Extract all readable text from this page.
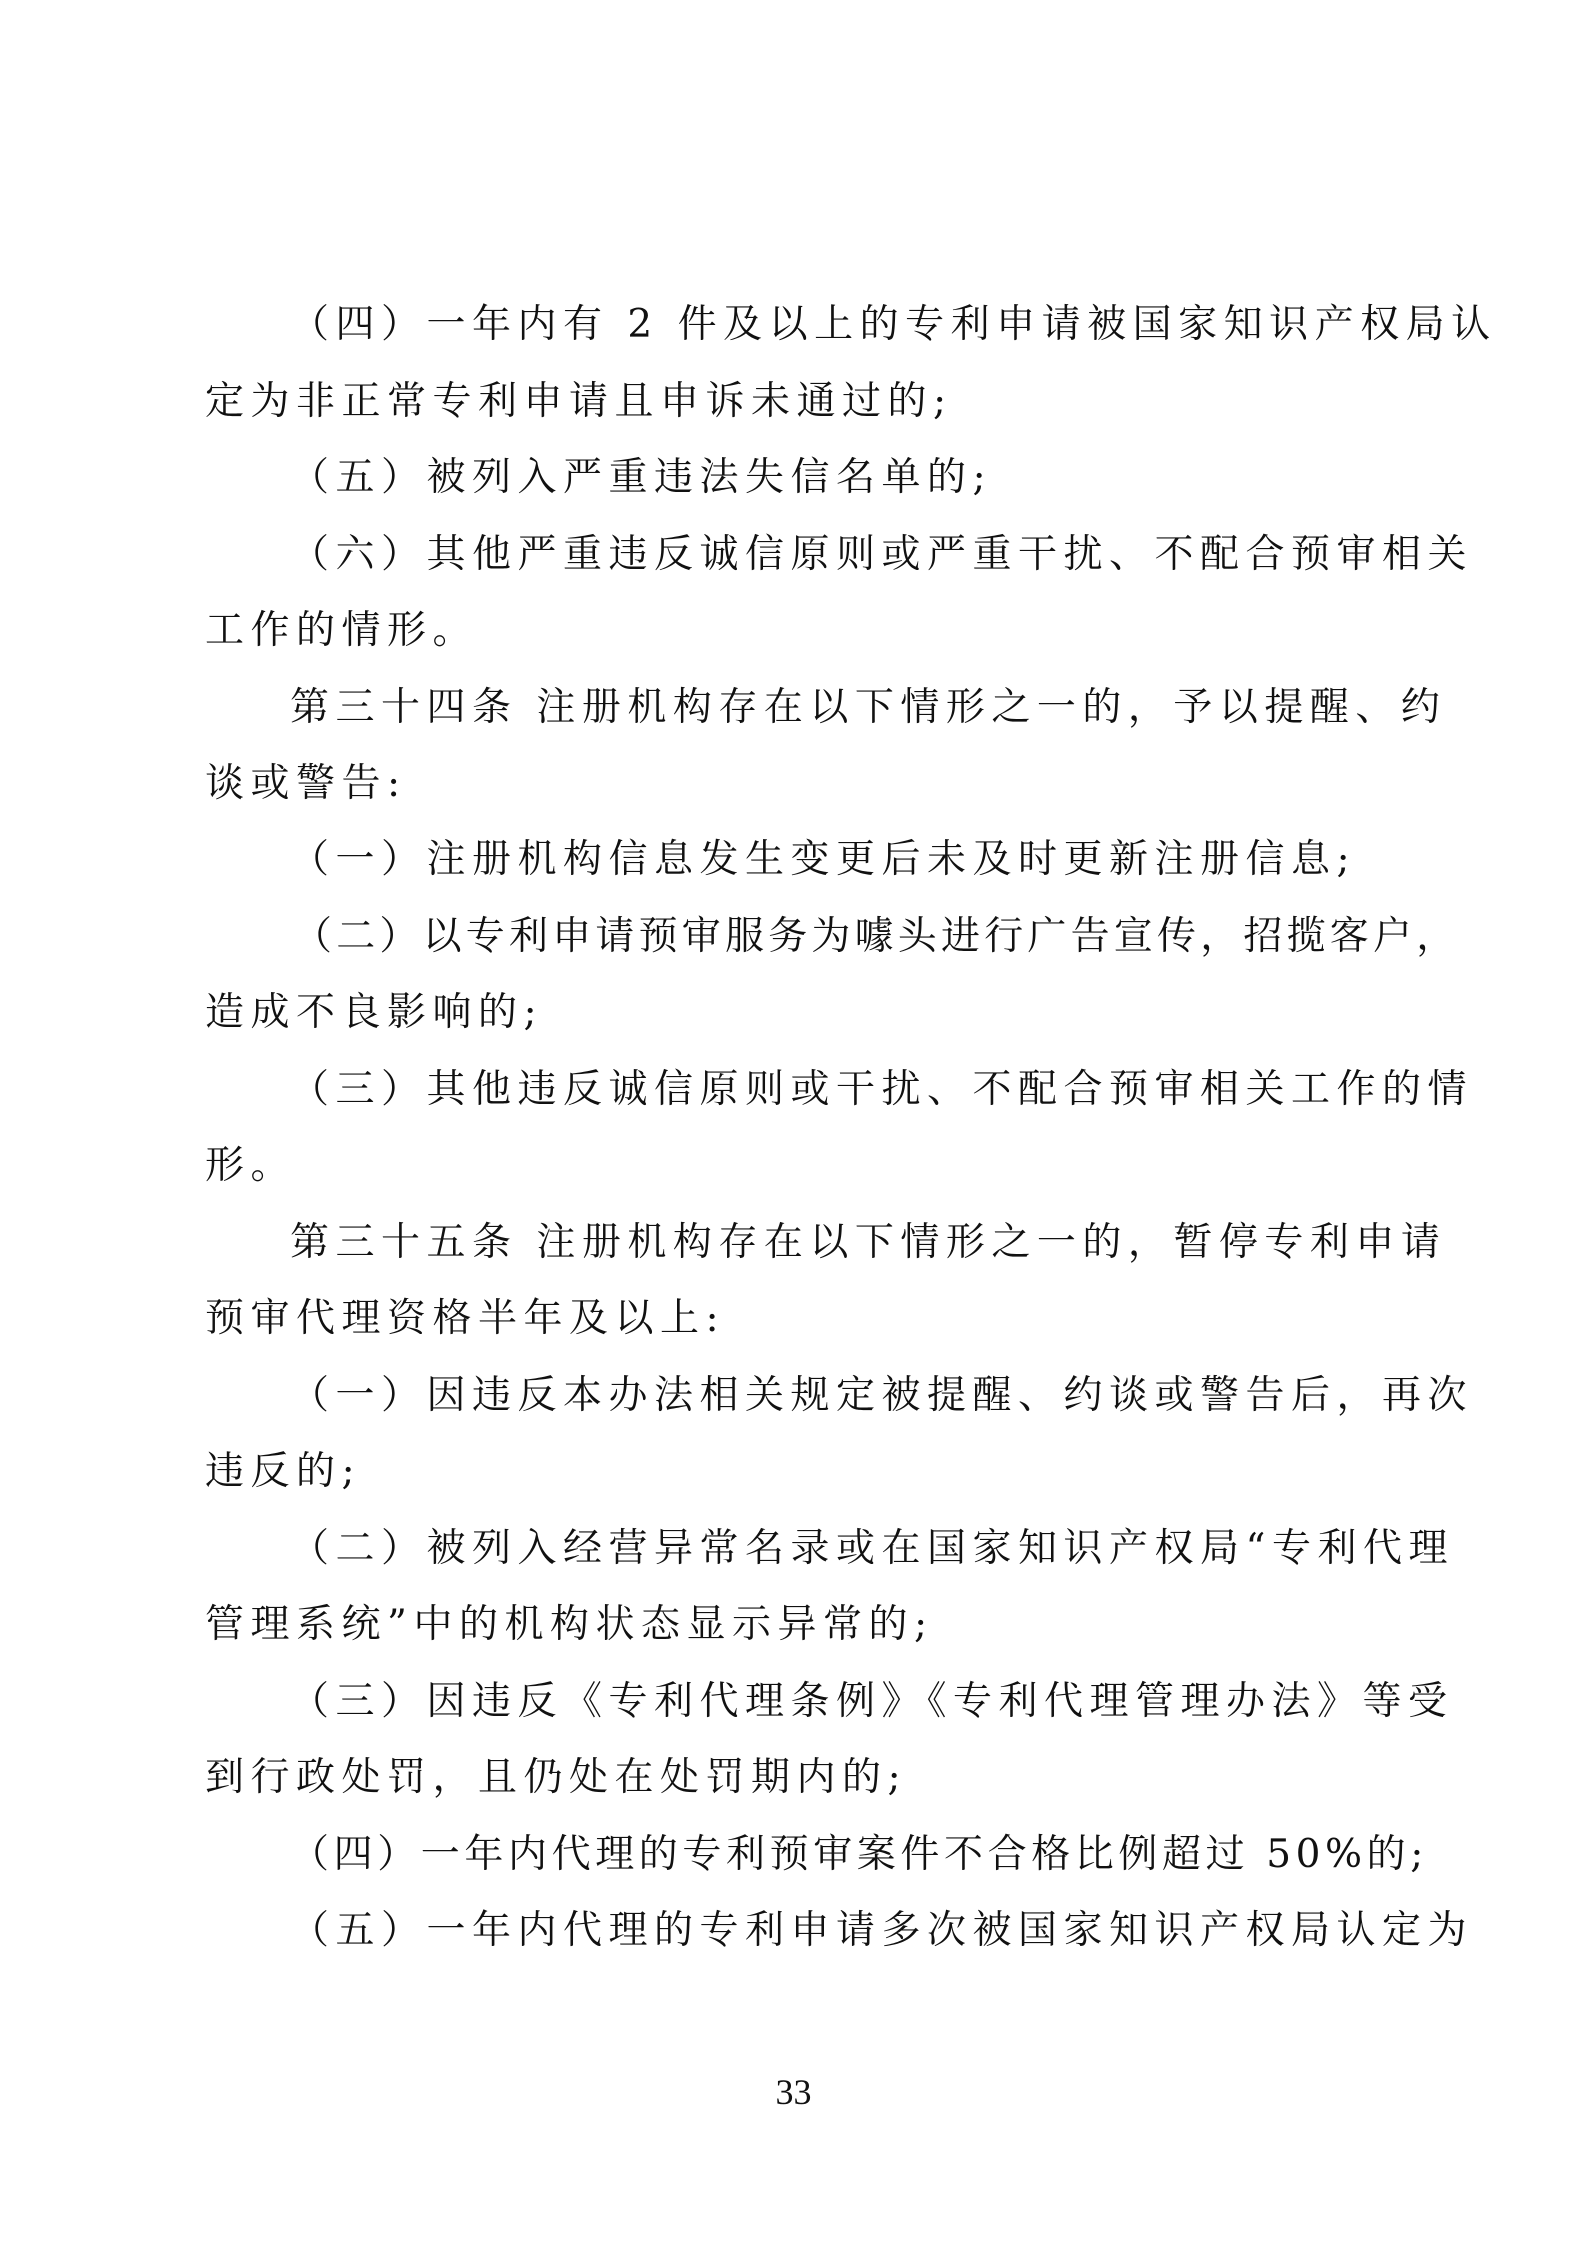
（四）一年内有 2 件及以上的专利申请被国家知识产权局认

定为非正常专利申请且申诉未通过的;

（五）被列入严重违法失信名单的;

（六）其他严重违反诚信原则或严重干扰、不配合预审相关

工作的情形。

第三十四条 注册机构存在以下情形之一的，予以提醒、约

谈或警告:

（一）注册机构信息发生变更后未及时更新注册信息;

（二）以专利申请预审服务为噱头进行广告宣传，招揽客户，

造成不良影响的;

（三）其他违反诚信原则或干扰、不配合预审相关工作的情

形。

第三十五条 注册机构存在以下情形之一的，暂停专利申请

预审代理资格半年及以上:

（一）因违反本办法相关规定被提醒、约谈或警告后，再次

违反的;

（二）被列入经营异常名录或在国家知识产权局“专利代理

管理系统”中的机构状态显示异常的;

（三）因违反《专利代理条例》《专利代理管理办法》等受

到行政处罚，且仍处在处罚期内的;

（四）一年内代理的专利预审案件不合格比例超过 50%的;

（五）一年内代理的专利申请多次被国家知识产权局认定为

33
